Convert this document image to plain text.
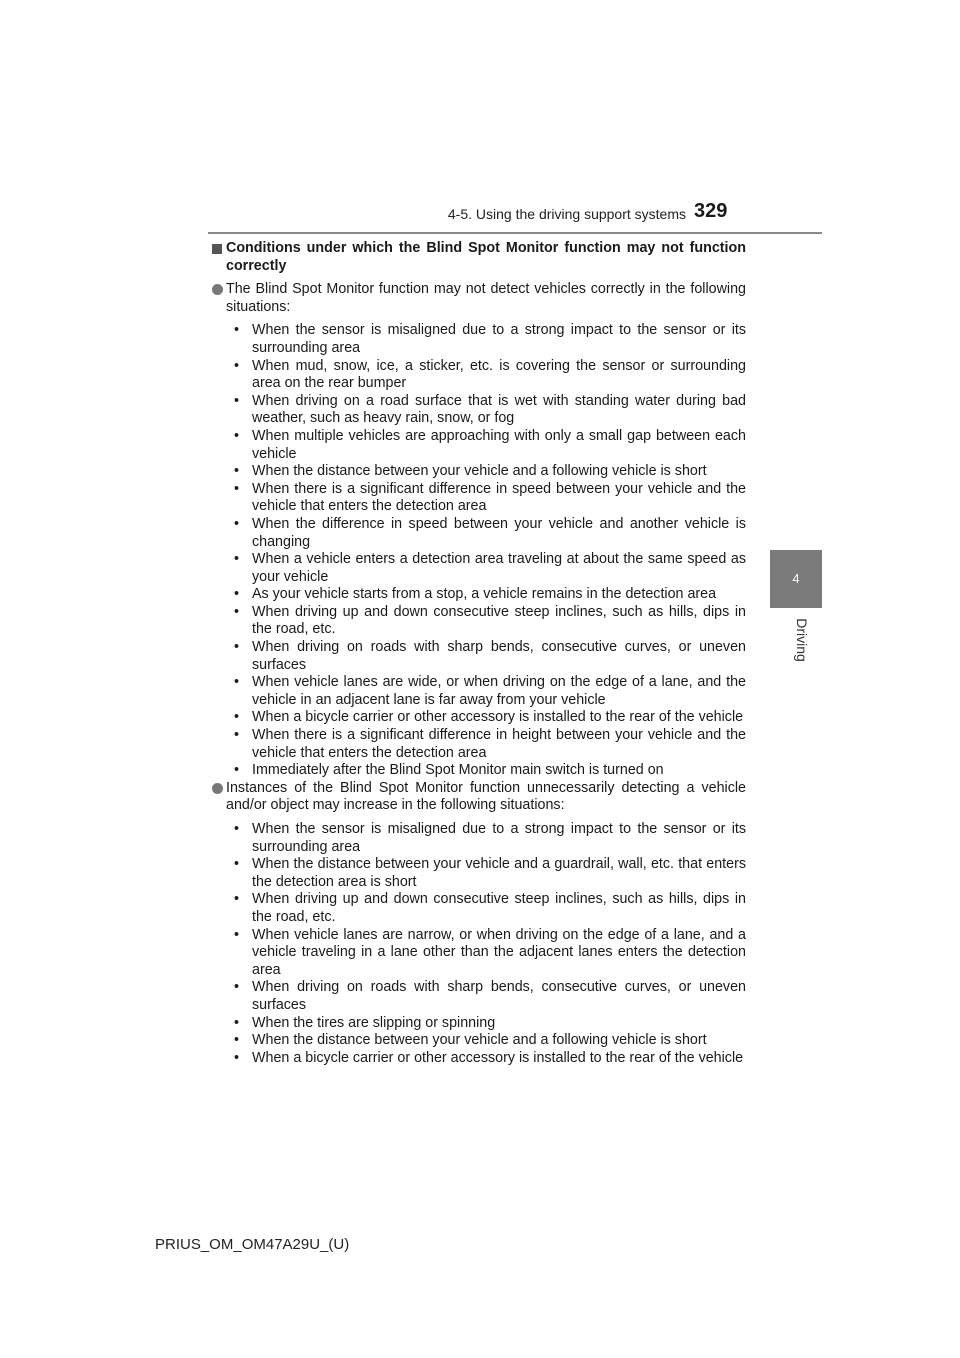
4-5. Using the driving support systems 329
4
Driving
Conditions under which the Blind Spot Monitor function may not function correctly
The Blind Spot Monitor function may not detect vehicles correctly in the following situations:
• When the sensor is misaligned due to a strong impact to the sensor or its surrounding area
• When mud, snow, ice, a sticker, etc. is covering the sensor or surrounding area on the rear bumper
• When driving on a road surface that is wet with standing water during bad weather, such as heavy rain, snow, or fog
• When multiple vehicles are approaching with only a small gap between each vehicle
• When the distance between your vehicle and a following vehicle is short
• When there is a significant difference in speed between your vehicle and the vehicle that enters the detection area
• When the difference in speed between your vehicle and another vehicle is changing
• When a vehicle enters a detection area traveling at about the same speed as your vehicle
• As your vehicle starts from a stop, a vehicle remains in the detection area
• When driving up and down consecutive steep inclines, such as hills, dips in the road, etc.
• When driving on roads with sharp bends, consecutive curves, or uneven surfaces
• When vehicle lanes are wide, or when driving on the edge of a lane, and the vehicle in an adjacent lane is far away from your vehicle
• When a bicycle carrier or other accessory is installed to the rear of the vehicle
• When there is a significant difference in height between your vehicle and the vehicle that enters the detection area
• Immediately after the Blind Spot Monitor main switch is turned on
Instances of the Blind Spot Monitor function unnecessarily detecting a vehicle and/or object may increase in the following situations:
• When the sensor is misaligned due to a strong impact to the sensor or its surrounding area
• When the distance between your vehicle and a guardrail, wall, etc. that enters the detection area is short
• When driving up and down consecutive steep inclines, such as hills, dips in the road, etc.
• When vehicle lanes are narrow, or when driving on the edge of a lane, and a vehicle traveling in a lane other than the adjacent lanes enters the detection area
• When driving on roads with sharp bends, consecutive curves, or uneven surfaces
• When the tires are slipping or spinning
• When the distance between your vehicle and a following vehicle is short
• When a bicycle carrier or other accessory is installed to the rear of the vehicle
PRIUS_OM_OM47A29U_(U)
